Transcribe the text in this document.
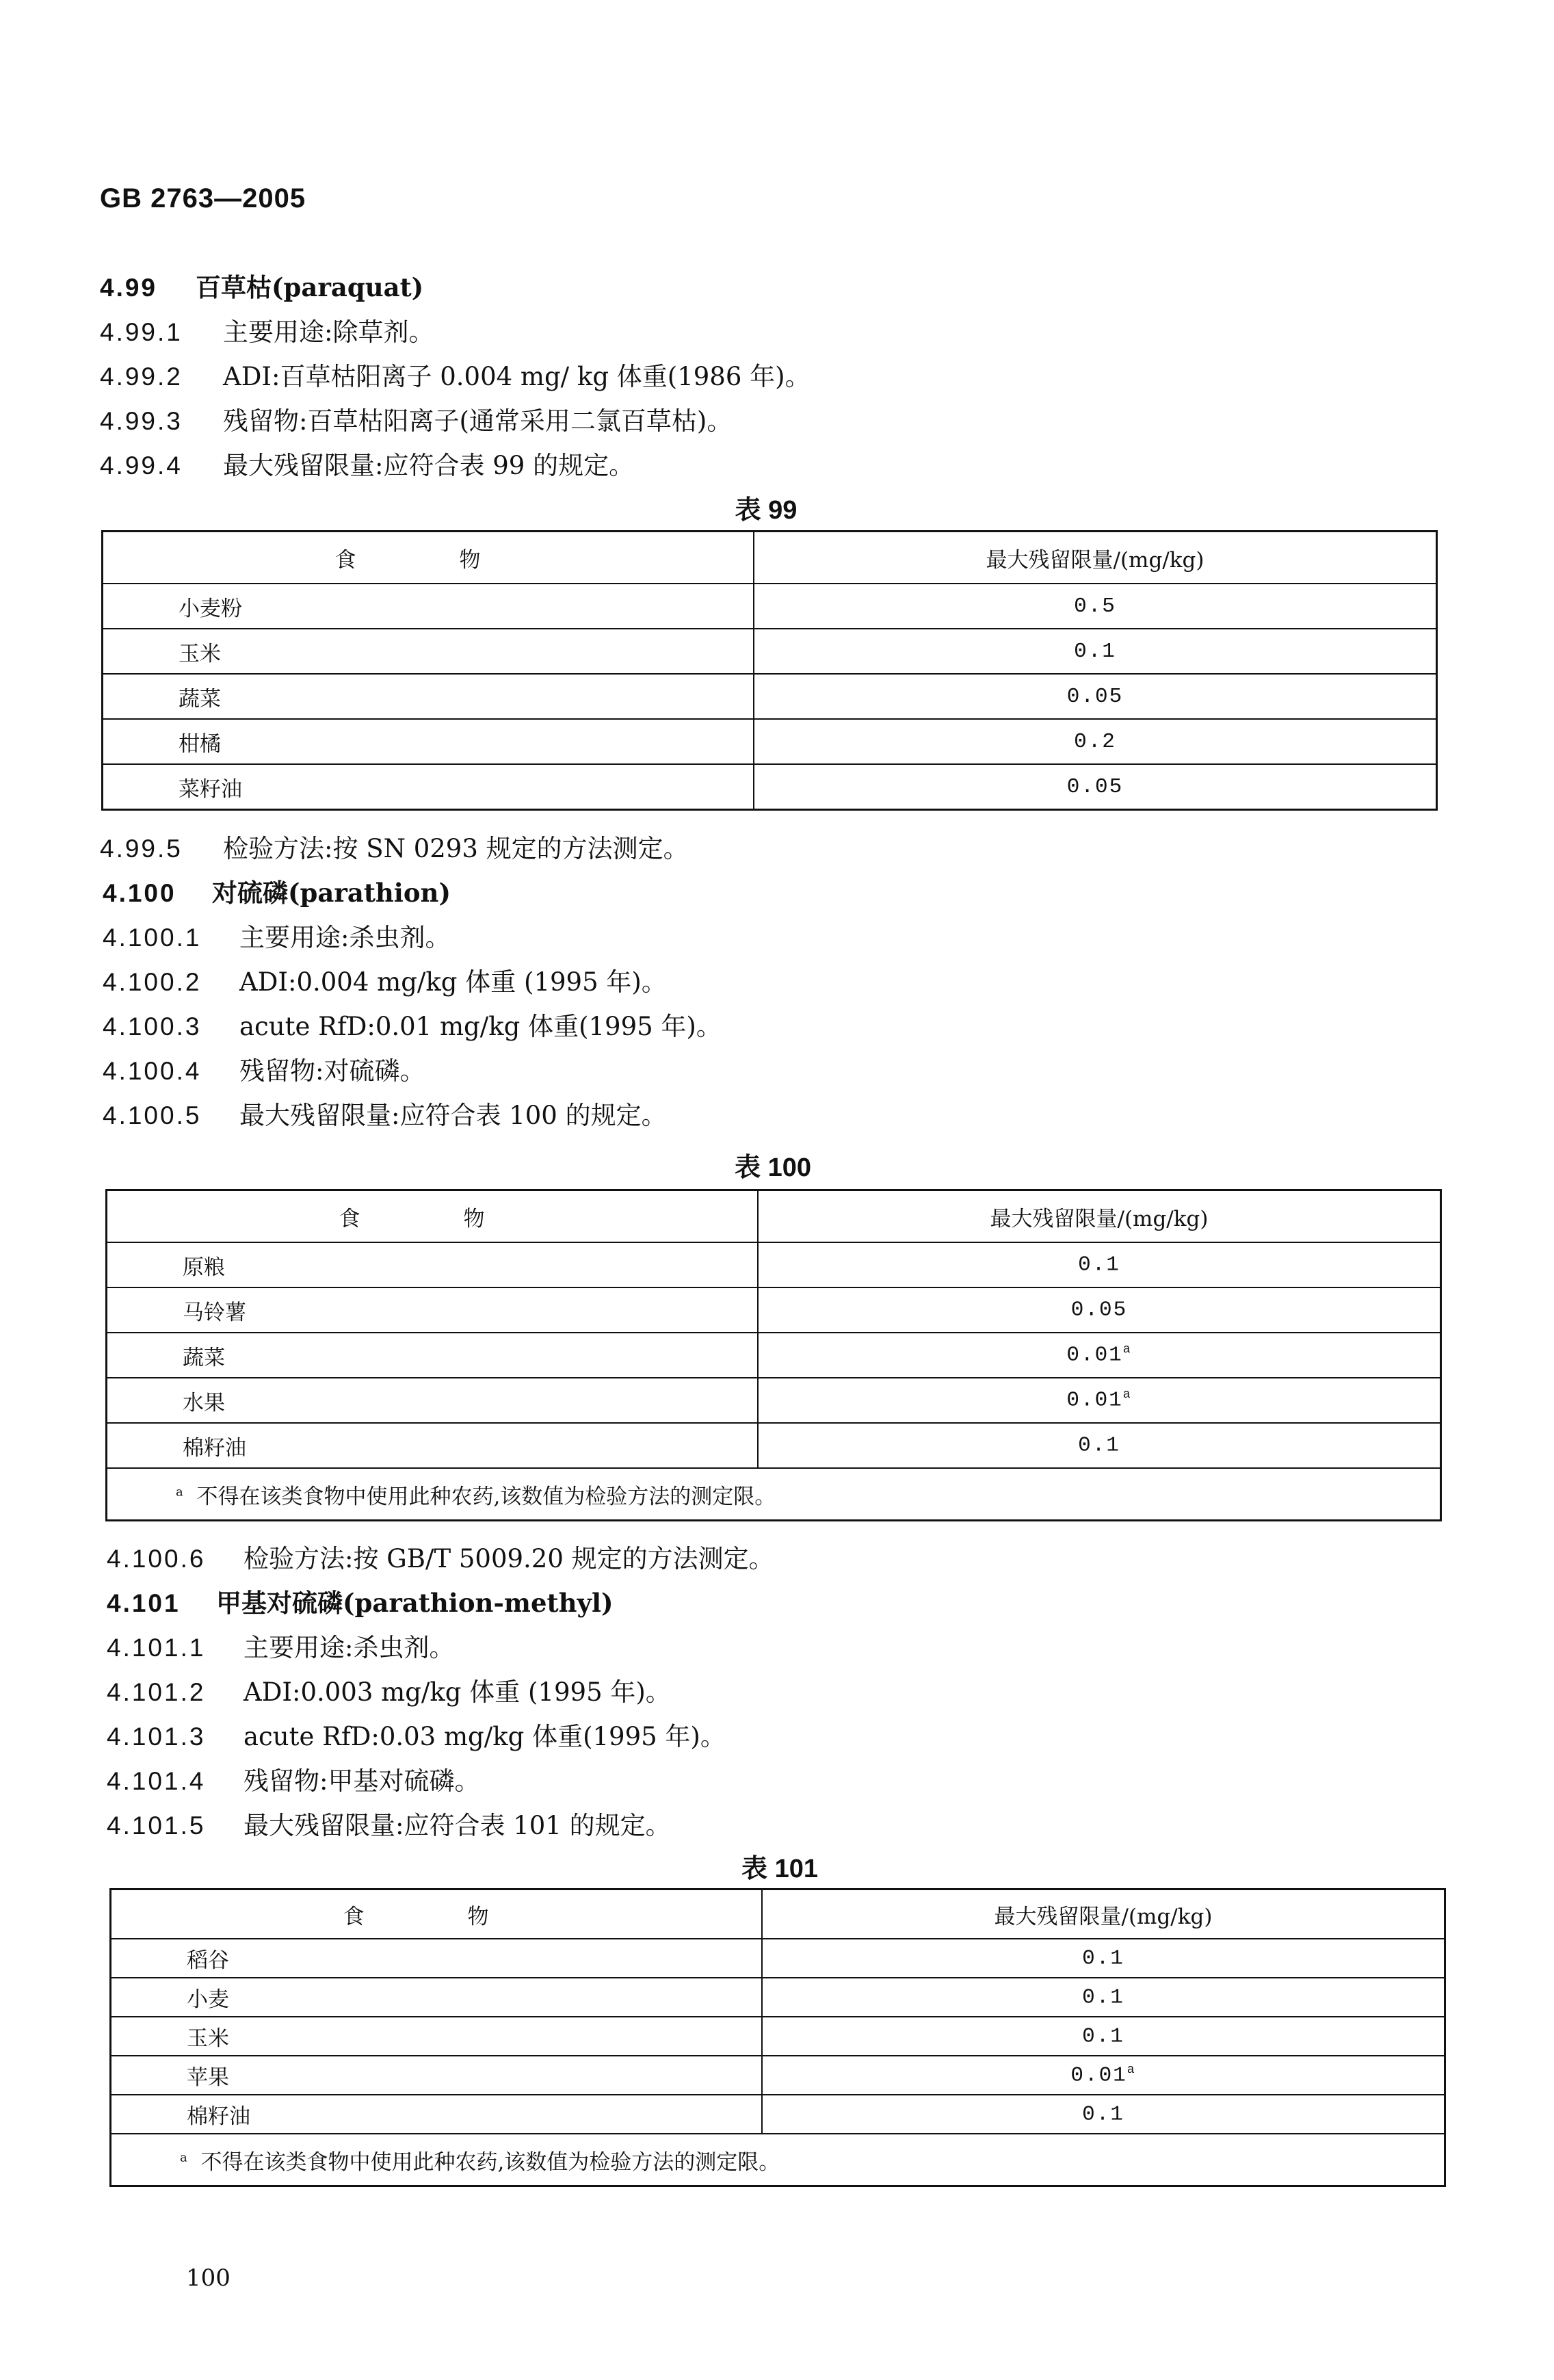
GB 2763—2005
4.99 百草枯(paraquat)
4.99.1 主要用途:除草剂。
4.99.2 ADI:百草枯阳离子 0.004 mg/ kg 体重(1986 年)。
4.99.3 残留物:百草枯阳离子(通常采用二氯百草枯)。
4.99.4 最大残留限量:应符合表 99 的规定。
表 99
食　物	最大残留限量/(mg/kg)
小麦粉	0.5
玉米	0.1
蔬菜	0.05
柑橘	0.2
菜籽油	0.05
4.99.5 检验方法:按 SN 0293 规定的方法测定。
4.100 对硫磷(parathion)
4.100.1 主要用途:杀虫剂。
4.100.2 ADI:0.004 mg/kg 体重 (1995 年)。
4.100.3 acute RfD:0.01 mg/kg 体重(1995 年)。
4.100.4 残留物:对硫磷。
4.100.5 最大残留限量:应符合表 100 的规定。
表 100
食　物	最大残留限量/(mg/kg)
原粮	0.1
马铃薯	0.05
蔬菜	0.01$^a$
水果	0.01$^a$
棉籽油	0.1
$^a$ 不得在该类食物中使用此种农药,该数值为检验方法的测定限。	
4.100.6 检验方法:按 GB/T 5009.20 规定的方法测定。
4.101 甲基对硫磷(parathion-methyl)
4.101.1 主要用途:杀虫剂。
4.101.2 ADI:0.003 mg/kg 体重 (1995 年)。
4.101.3 acute RfD:0.03 mg/kg 体重(1995 年)。
4.101.4 残留物:甲基对硫磷。
4.101.5 最大残留限量:应符合表 101 的规定。
表 101
食　物	最大残留限量/(mg/kg)
稻谷	0.1
小麦	0.1
玉米	0.1
苹果	0.01$^a$
棉籽油	0.1
$^a$ 不得在该类食物中使用此种农药,该数值为检验方法的测定限。	
100
